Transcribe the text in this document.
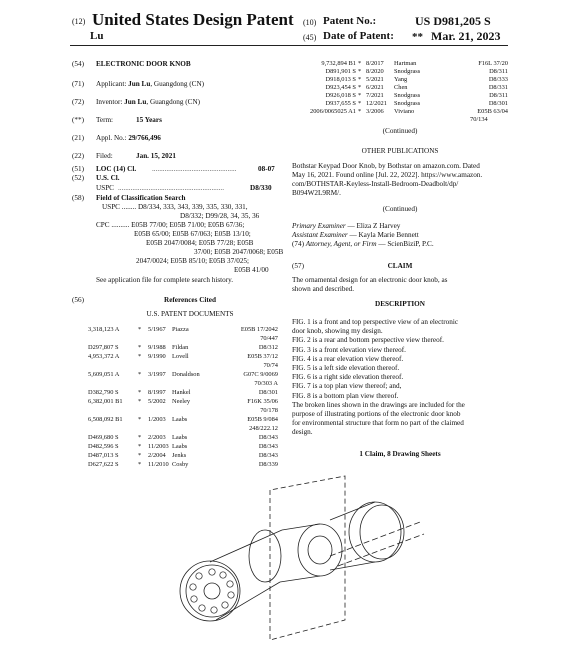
(12) United States Design Patent
Lu
(10) Patent No.:	US D981,205 S
(45) Date of Patent: ** Mar. 21, 2023
(54) ELECTRONIC DOOR KNOB
(71) Applicant: Jun Lu, Guangdong (CN)
(72) Inventor: Jun Lu, Guangdong (CN)
(**) Term:	15 Years
(21) Appl. No.: 29/766,496
(22) Filed:	Jan. 15, 2021
(51) LOC (14) Cl. ...............................................	08-07
(52) U.S. Cl.
USPC ...........................................................	D8/330
(58) Field of Classification Search
USPC ........ D8/334, 333, 343, 339, 335, 330, 331,
D8/332; D99/28, 34, 35, 36
CPC .......... E05B 77/00; E05B 71/00; E05B 67/36;
E05B 65/00; E05B 67/063; E05B 13/10;
E05B 2047/0084; E05B 77/28; E05B
37/00; E05B 2047/0068; E05B
2047/0024; E05B 85/10; E05B 37/025;
E05B 41/00
See application file for complete search history.
(56)	References Cited
U.S. PATENT DOCUMENTS
3,318,123 A	* 5/1967 Piazza	E05B 17/2042
70/447
D297,807 S	* 9/1988 Fildan	D8/312
4,953,372 A	* 9/1990 Lovell	E05B 37/12
70/74
5,609,051 A	* 3/1997 Donaldson	G07C 9/0069
70/303 A
D382,790 S	* 8/1997 Hankel	D8/301
6,382,001 B1 * 5/2002 Neeley	F16K 35/06
70/178
6,508,092 B1 * 1/2003 Laabs	E05B 9/084
248/222.12
D469,680 S	* 2/2003 Laabs	D8/343
D482,596 S	* 11/2003 Laabs	D8/343
D487,013 S	* 2/2004 Jenks	D8/343
D627,622 S	* 11/2010 Cosby	D8/339
9,732,894 B1 * 8/2017 Hartman	F16L 37/20
D891,901 S * 8/2020 Snodgrass	D8/311
D918,013 S * 5/2021 Yang	D8/333
D923,454 S * 6/2021 Chen	D8/331
D926,018 S * 7/2021 Snodgrass	D8/311
D937,655 S * 12/2021 Snodgrass	D8/301
2006/0065025 A1 * 3/2006 Viviano	E05B 63/04
70/134
(Continued)
OTHER PUBLICATIONS
Bothstar Keypad Door Knob, by Bothstar on amazon.com. Dated
May 16, 2021. Found online [Jul. 22, 2022]. https://www.amazon.
com/BOTHSTAR-Keyless-Install-Bedroom-Deadbolt/dp/
B094W2L9RM/.
(Continued)
Primary Examiner — Eliza Z Harvey
Assistant Examiner — Kayla Marie Bennett
(74) Attorney, Agent, or Firm — ScienBiziP, P.C.
(57)	CLAIM
The ornamental design for an electronic door knob, as
shown and described.
DESCRIPTION
FIG. 1 is a front and top perspective view of an electronic
door knob, showing my design.
FIG. 2 is a rear and bottom perspective view thereof.
FIG. 3 is a front elevation view thereof.
FIG. 4 is a rear elevation view thereof.
FIG. 5 is a left side elevation thereof.
FIG. 6 is a right side elevation thereof.
FIG. 7 is a top plan view thereof; and,
FIG. 8 is a bottom plan view thereof.
The broken lines shown in the drawings are included for the
purpose of illustrating portions of the electronic door knob
for environmental structure that form no part of the claimed
design.
1 Claim, 8 Drawing Sheets
